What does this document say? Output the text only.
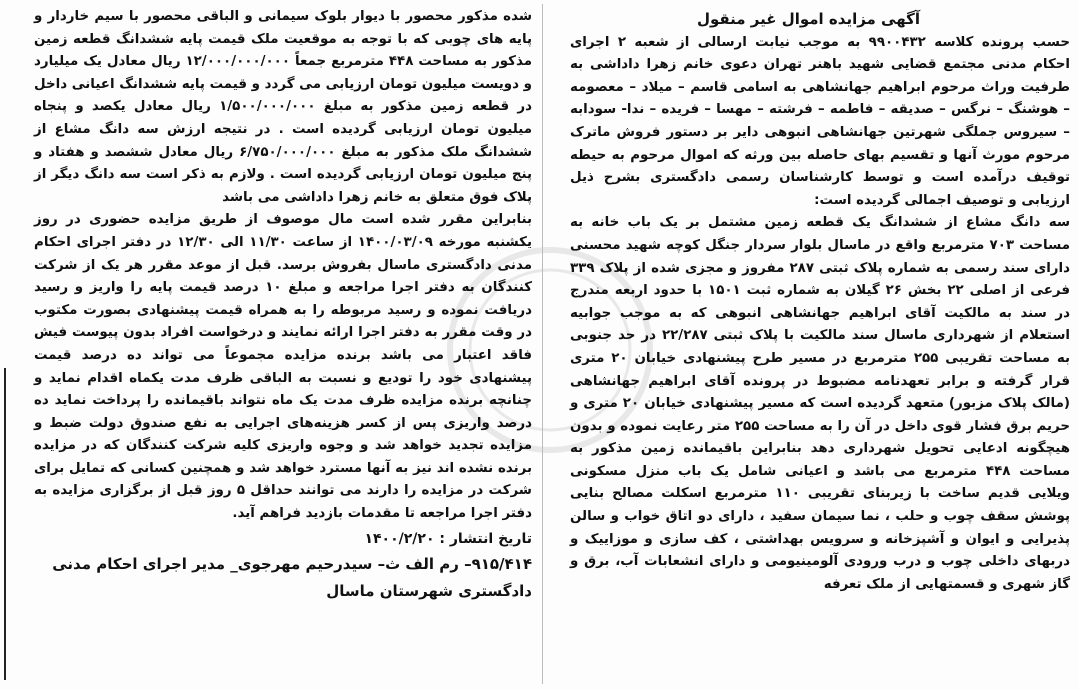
آگهی مزایده اموال غیر منقول
حسب پرونده کلاسه ۹۹۰۰۴۳۲ به موجب نیابت ارسالی از شعبه ۲ اجرای احکام مدنی مجتمع قضایی شهید باهنر تهران دعوی خانم زهرا داداشی به طرفیت وراث مرحوم ابراهیم جهانشاهی به اسامی قاسم – میلاد – معصومه – هوشنگ – نرگس – صدیقه – فاطمه – فرشته – مهسا – فریده – ندا- سودابه – سیروس جملگی شهرتین جهانشاهی انبوهی دایر بر دستور فروش ماترک مرحوم مورث آنها و تقسیم بهای حاصله بین ورثه که اموال مرحوم به حیطه توقیف درآمده است و توسط کارشناسان رسمی دادگستری بشرح ذیل ارزیابی و توصیف اجمالی گردیده است:
سه دانگ مشاع از ششدانگ یک قطعه زمین مشتمل بر یک باب خانه به مساحت ۷۰۳ مترمربع واقع در ماسال بلوار سردار جنگل کوچه شهید محسنی دارای سند رسمی به شماره پلاک ثبتی ۲۸۷ مفروز و مجزی شده از پلاک ۳۳۹ فرعی از اصلی ۲۲ بخش ۲۶ گیلان به شماره ثبت ۱۵۰۱ با حدود اربعه مندرج در سند به مالکیت آقای ابراهیم جهانشاهی انبوهی که به موجب جوابیه استعلام از شهرداری ماسال سند مالکیت با پلاک ثبتی ۲۲/۲۸۷ در حد جنوبی به مساحت تقریبی ۲۵۵ مترمربع در مسیر طرح پیشنهادی خیابان ۲۰ متری قرار گرفته و برابر تعهدنامه مضبوط در پرونده آقای ابراهیم جهانشاهی (مالک پلاک مزبور) متعهد گردیده است که مسیر پیشنهادی خیابان ۲۰ متری و حریم برق فشار قوی داخل در آن را به مساحت ۲۵۵ متر رعایت نموده و بدون هیچگونه ادعایی تحویل شهرداری دهد بنابراین باقیمانده زمین مذکور به مساحت ۴۴۸ مترمربع می باشد و اعیانی شامل یک باب منزل مسکونی ویلایی قدیم ساخت با زیربنای تقریبی ۱۱۰ مترمربع اسکلت مصالح بنایی پوشش سقف چوب و حلب ، نما سیمان سفید ، دارای دو اتاق خواب و سالن پذیرایی و ایوان و آشپزخانه و سرویس بهداشتی ، کف سازی و موزاییک و دربهای داخلی چوب و درب ورودی آلومینیومی و دارای انشعابات آب، برق و گاز شهری و قسمتهایی از ملک تعرفه
شده مذکور محصور با دیوار بلوک سیمانی و الباقی محصور با سیم خاردار و پایه های چوبی که با توجه به موقعیت ملک قیمت پایه ششدانگ قطعه زمین مذکور به مساحت ۴۴۸ مترمربع جمعاً ۱۲/۰۰۰/۰۰۰/۰۰۰ ریال معادل یک میلیارد و دویست میلیون تومان ارزیابی می گردد و قیمت پایه ششدانگ اعیانی داخل در قطعه زمین مذکور به مبلغ ۱/۵۰۰/۰۰۰/۰۰۰ ریال معادل یکصد و پنجاه میلیون تومان ارزیابی گردیده است . در نتیجه ارزش سه دانگ مشاع از ششدانگ ملک مذکور به مبلغ ۶/۷۵۰/۰۰۰/۰۰۰ ریال معادل ششصد و هفتاد و پنج میلیون تومان ارزیابی گردیده است . ولازم به ذکر است سه دانگ دیگر از پلاک فوق متعلق به خانم زهرا داداشی می باشد
بنابراین مقرر شده است مال موصوف از طریق مزایده حضوری در روز یکشنبه مورخه ۱۴۰۰/۰۳/۰۹ از ساعت ۱۱/۳۰ الی ۱۲/۳۰ در دفتر اجرای احکام مدنی دادگستری ماسال بفروش برسد. قبل از موعد مقرر هر یک از شرکت کنندگان به دفتر اجرا مراجعه و مبلغ ۱۰ درصد قیمت پایه را واریز و رسید دریافت نموده و رسید مربوطه را به همراه قیمت پیشنهادی بصورت مکتوب در وقت مقرر به دفتر اجرا ارائه نمایند و درخواست افراد بدون پیوست فیش فاقد اعتبار می باشد برنده مزایده مجموعاً می تواند ده درصد قیمت پیشنهادی خود را تودیع و نسبت به الباقی ظرف مدت یکماه اقدام نماید و چنانچه برنده مزایده ظرف مدت یک ماه نتواند باقیمانده را پرداخت نماید ده درصد واریزی پس از کسر هزینه‌های اجرایی به نفع صندوق دولت ضبط و مزایده تجدید خواهد شد و وجوه واریزی کلیه شرکت کنندگان که در مزایده برنده نشده اند نیز به آنها مسترد خواهد شد و همچنین کسانی که تمایل برای شرکت در مزایده را دارند می توانند حداقل ۵ روز قبل از برگزاری مزایده به دفتر اجرا مراجعه تا مقدمات بازدید فراهم آید.
تاریخ انتشار : ۱۴۰۰/۲/۲۰
۹۱۵/۴۱۴– رم الف ث– سیدرحیم مهرجوی_ مدیر اجرای احکام مدنی
دادگستری شهرستان ماسال
